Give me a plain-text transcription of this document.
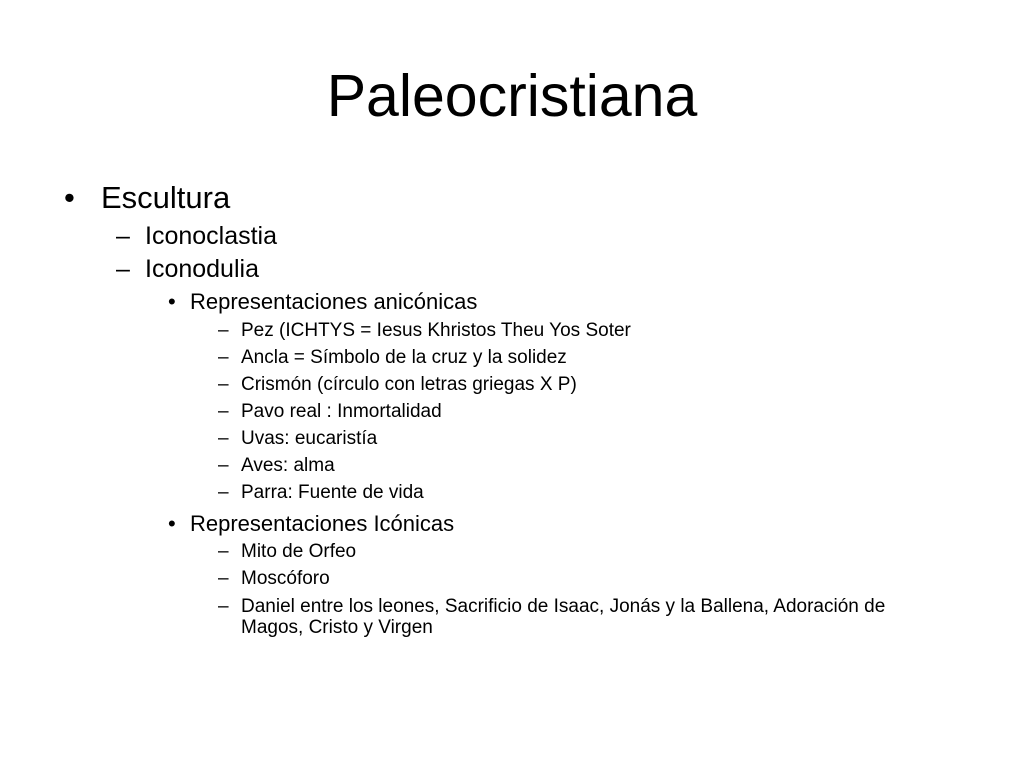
Paleocristiana
• Escultura
– Iconoclastia
– Iconodulia
• Representaciones anicónicas
– Pez (ICHTYS = Iesus Khristos Theu Yos Soter
– Ancla = Símbolo de la cruz y la solidez
– Crismón (círculo con letras griegas X P)
– Pavo real : Inmortalidad
– Uvas: eucaristía
– Aves: alma
– Parra: Fuente de vida
• Representaciones Icónicas
– Mito de Orfeo
– Moscóforo
– Daniel entre los leones, Sacrificio de Isaac, Jonás y la Ballena, Adoración de Magos, Cristo y Virgen
